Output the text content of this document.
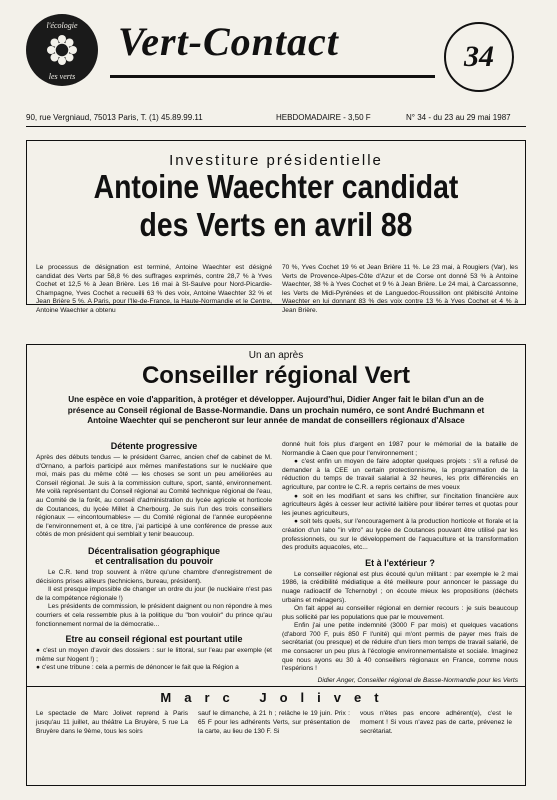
l'écologie
les verts
Vert-Contact	34
90, rue Vergniaud, 75013 Paris, T. (1) 45.89.99.11	HEBDOMADAIRE - 3,50 F	N° 34 - du 23 au 29 mai 1987
Investiture présidentielle
Antoine Waechter candidat
des Verts en avril 88
Le processus de désignation est terminé, Antoine Waechter est désigné candidat des Verts par 58,8 % des suffrages exprimés, contre 28,7 % à Yves Cochet et 12,5 % à Jean Brière. Les 16 mai à St-Saulve pour Nord-Picardie-Champagne, Yves Cochet a recueilli 63 % des voix, Antoine Waechter 32 % et Jean Brière 5 %. A Paris, pour l'Ile-de-France, la Haute-Normandie et le Centre, Antoine Waechter a obtenu
70 %, Yves Cochet 19 % et Jean Brière 11 %. Le 23 mai, à Rougiers (Var), les Verts de Provence-Alpes-Côte d'Azur et de Corse ont donné 53 % à Antoine Waechter, 38 % à Yves Cochet et 9 % à Jean Brière. Le 24 mai, à Carcassonne, les Verts de Midi-Pyrénées et de Languedoc-Roussillon ont plébiscité Antoine Waechter en lui donnant 83 % des voix contre 13 % à Yves Cochet et 4 % à Jean Brière.
Un an après
Conseiller régional Vert
Une espèce en voie d'apparition, à protéger et développer. Aujourd'hui, Didier Anger fait le bilan d'un an de présence au Conseil régional de Basse-Normandie. Dans un prochain numéro, ce sont André Buchmann et Antoine Waechter qui se pencheront sur leur année de mandat de conseillers régionaux d'Alsace
Détente progressive
Après des débuts tendus — le président Garrec, ancien chef de cabinet de M. d'Ornano, a parfois participé aux mêmes manifestations sur le nucléaire que moi, mais pas du même côté — les choses se sont un peu améliorées au Conseil régional. Je suis à la commission culture, sport, santé, environnement. Me voilà représentant du Conseil régional au Comité technique régional de l'eau, au Comité de la forêt, au conseil d'administration du lycée agricole et horticole de Coutances, du lycée Millet à Cherbourg. Je suis l'un des trois conseillers régionaux — «incontournables» — du Comité régional de l'année européenne de l'environnement et, à ce titre, j'ai participé à une conférence de presse aux côtés de mon président qui semblait y tenir beaucoup.
Décentralisation géographique
et centralisation du pouvoir
Le C.R. tend trop souvent à n'être qu'une chambre d'enregistrement de décisions prises ailleurs (techniciens, bureau, président).
Il est presque impossible de changer un ordre du jour (le nucléaire n'est pas de la compétence régionale !)
Les présidents de commission, le président daignent ou non répondre à mes courriers et cela ressemble plus à la politique du "bon vouloir" du prince qu'au fonctionnement normal de la démocratie...
Etre au conseil régional est pourtant utile
● c'est un moyen d'avoir des dossiers : sur le littoral, sur l'eau par exemple (et même sur Nogent !) ;
● c'est une tribune : cela a permis de dénoncer le fait que la Région a
donné huit fois plus d'argent en 1987 pour le mémorial de la bataille de Normandie à Caen que pour l'environnement ;
● c'est enfin un moyen de faire adopter quelques projets : s'il a refusé de demander à la CEE un certain protectionnisme, la programmation de la réduction du temps de travail salarial à 32 heures, les prix différenciés en agriculture, par contre le C.R. a repris certains de mes voeux
● soit en les modifiant et sans les chiffrer, sur l'incitation financière aux agriculteurs âgés à cesser leur activité laitière pour libérer terres et quotas pour les jeunes agriculteurs,
● soit tels quels, sur l'encouragement à la production horticole et florale et la création d'un labo "in vitro" au lycée de Coutances pouvant être utilisé par les professionnels, ou sur le développement de l'aquaculture et la transformation des produits aquacoles, etc...
Et à l'extérieur ?
Le conseiller régional est plus écouté qu'un militant : par exemple le 2 mai 1986, la crédibilité médiatique a été meilleure pour annoncer le passage du nuage radioactif de Tchernobyl ; on écoute mieux les propositions (déchets urbains et ménagers).
On fait appel au conseiller régional en dernier recours : je suis beaucoup plus sollicité par les populations que par le mouvement.
Enfin j'ai une petite indemnité (3000 F par mois) et quelques vacations (d'abord 700 F, puis 850 F l'unité) qui m'ont permis de payer mes frais de secrétariat (ou presque) et de réduire d'un tiers mon temps de travail salarié, de me consacrer un peu plus à l'écologie environnementaliste et sociale. Imaginez que nous ayons eu 30 à 40 conseillers régionaux en France, comme nous l'espérions !
Didier Anger, Conseiller régional de Basse-Normandie pour les Verts
Marc Jolivet
Le spectacle de Marc Jolivet reprend à Paris jusqu'au 11 juillet, au théâtre La Bruyère, 5 rue La Bruyère dans le 9ème, tous les soirs
sauf le dimanche, à 21 h ; relâche le 19 juin. Prix : 65 F pour les adhérents Verts, sur présentation de la carte, au lieu de 130 F. Si
vous n'êtes pas encore adhérent(e), c'est le moment ! Si vous n'avez pas de carte, prévenez le secrétariat.
